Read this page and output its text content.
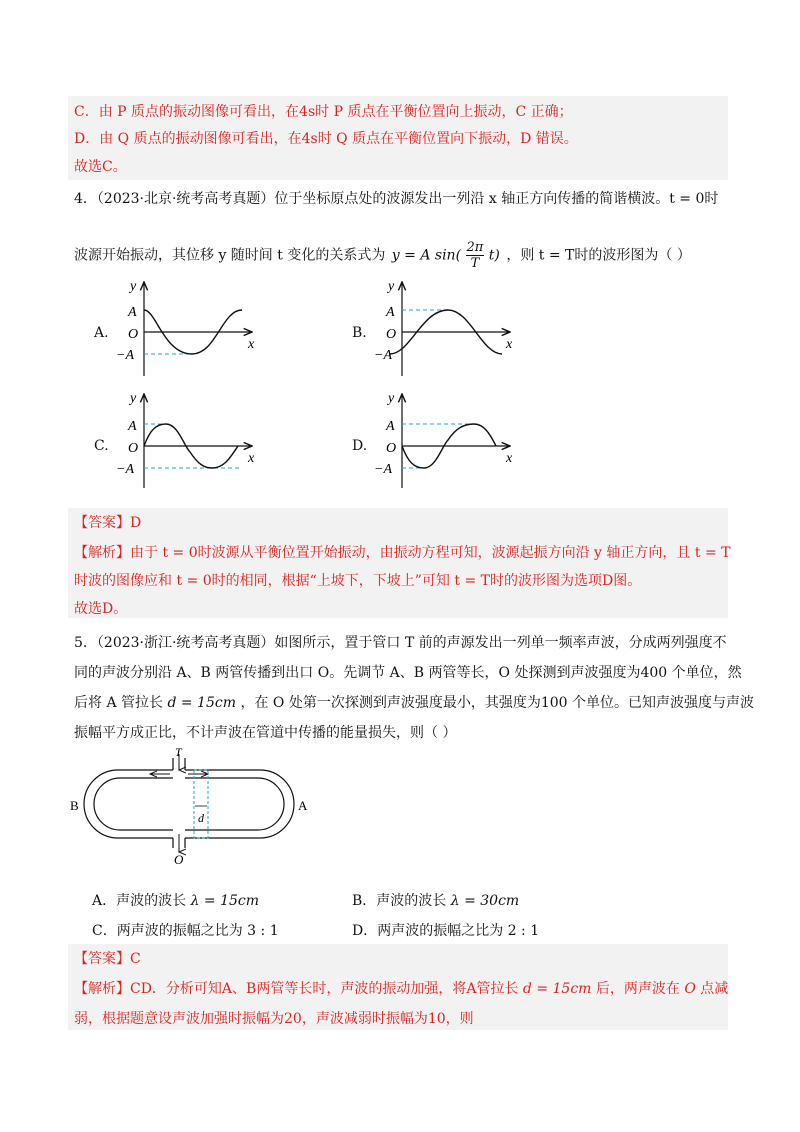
C．由 P 质点的振动图像可看出，在4s时 P 质点在平衡位置向上振动，C 正确；
D．由 Q 质点的振动图像可看出，在4s时 Q 质点在平衡位置向下振动，D 错误。
故选C。
4．（2023·北京·统考高考真题）位于坐标原点处的波源发出一列沿 x 轴正方向传播的简谐横波。t = 0时
波源开始振动，其位移 y 随时间 t 变化的关系式为 y = A $\sin( \frac{2\pi}{T} t)$ ，则 t = T时的波形图为（ ）
A.	B.
C.	D.
y
A
O
−A
x
y
A
O
−A
x
y
A
O
−A
x
y
A
O
−A
x
【答案】D
【解析】由于 t = 0时波源从平衡位置开始振动，由振动方程可知，波源起振方向沿 y 轴正方向，且 t = T
时波的图像应和 t = 0时的相同，根据“上坡下，下坡上”可知 t = T时的波形图为选项D图。
故选D。
5．（2023·浙江·统考高考真题）如图所示，置于管口 T 前的声源发出一列单一频率声波，分成两列强度不
同的声波分别沿 A、B 两管传播到出口 O。先调节 A、B 两管等长，O 处探测到声波强度为400 个单位，然
后将 A 管拉长 d = 15cm ，在 O 处第一次探测到声波强度最小，其强度为100 个单位。已知声波强度与声波
振幅平方成正比，不计声波在管道中传播的能量损失，则（ ）
T
O
B	A
d
A．声波的波长 λ = 15cm	B．声波的波长 λ = 30cm
C．两声波的振幅之比为 3 : 1	D．两声波的振幅之比为 2 : 1
【答案】C
【解析】CD．分析可知A、B两管等长时，声波的振动加强，将A管拉长 d = 15cm 后，两声波在 O 点减
弱，根据题意设声波加强时振幅为20，声波减弱时振幅为10，则
